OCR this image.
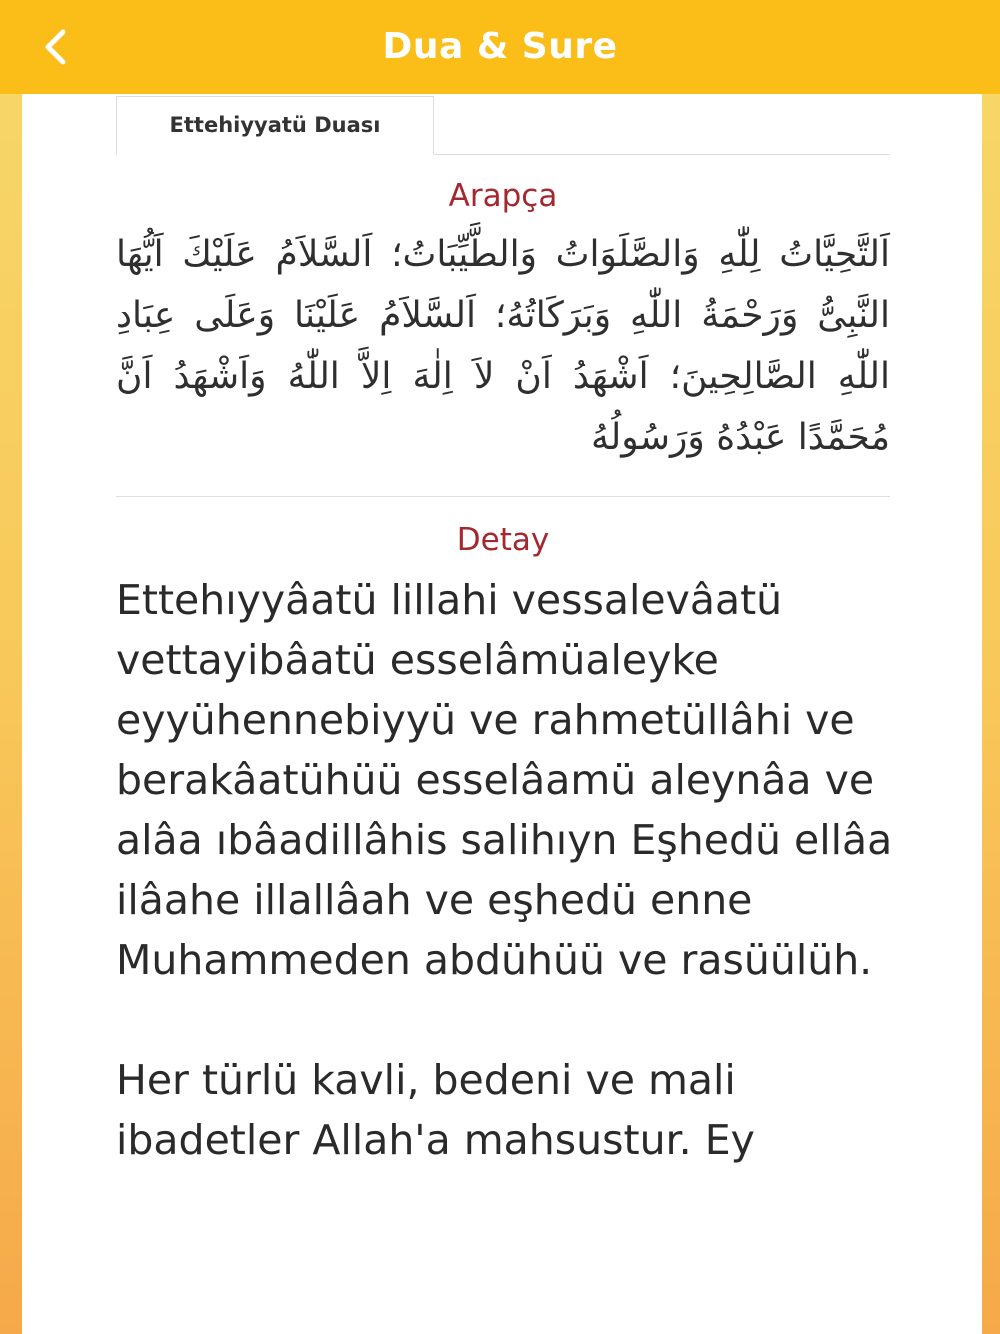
Dua & Sure
Ettehiyyatü Duası
Arapça
اَلتَّحِيَّاتُ لِلّٰهِ وَالصَّلَوَاتُ وَالطَّيِّبَاتُ؛ اَلسَّلاَمُ عَلَيْكَ اَيُّهَا النَّبِىُّ وَرَحْمَةُ اللّٰهِ وَبَرَكَاتُهُ؛ اَلسَّلاَمُ عَلَيْنَا وَعَلَى عِبَادِ اللّٰهِ الصَّالِحِينَ؛ اَشْهَدُ اَنْ لاَ اِلٰهَ اِلاَّ اللّٰهُ وَاَشْهَدُ اَنَّ مُحَمَّدًا عَبْدُهُ وَرَسُولُهُ
Detay
Ettehıyyâatü lillahi vessalevâatü vettayibâatü esselâmüaleyke eyyühennebiyyü ve rahmetüllâhi ve berakâatühüü esselâamü aleynâa ve alâa ıbâadillâhis salihıyn Eşhedü ellâa ilâahe illallâah ve eşhedü enne Muhammeden abdühüü ve rasüülüh.

Her türlü kavli, bedeni ve mali ibadetler Allah'a mahsustur. Ey
